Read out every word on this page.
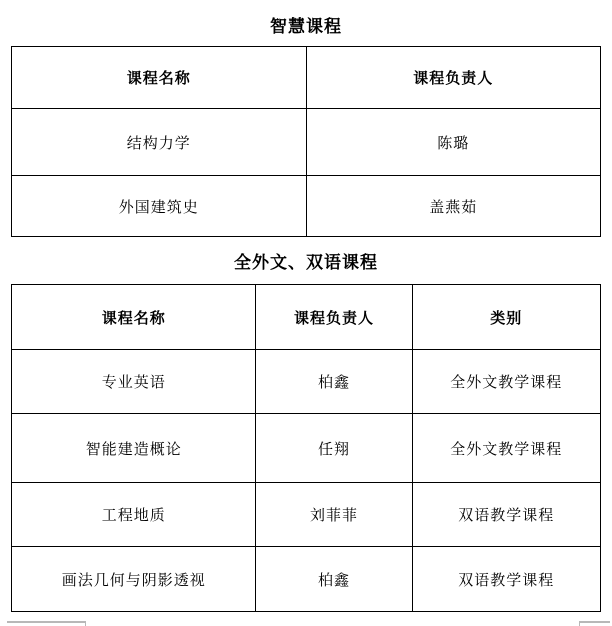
智慧课程
课程名称	课程负责人
结构力学	陈璐
外国建筑史	盖燕茹
全外文、双语课程
课程名称	课程负责人	类别
专业英语	柏鑫	全外文教学课程
智能建造概论	任翔	全外文教学课程
工程地质	刘菲菲	双语教学课程
画法几何与阴影透视	柏鑫	双语教学课程
